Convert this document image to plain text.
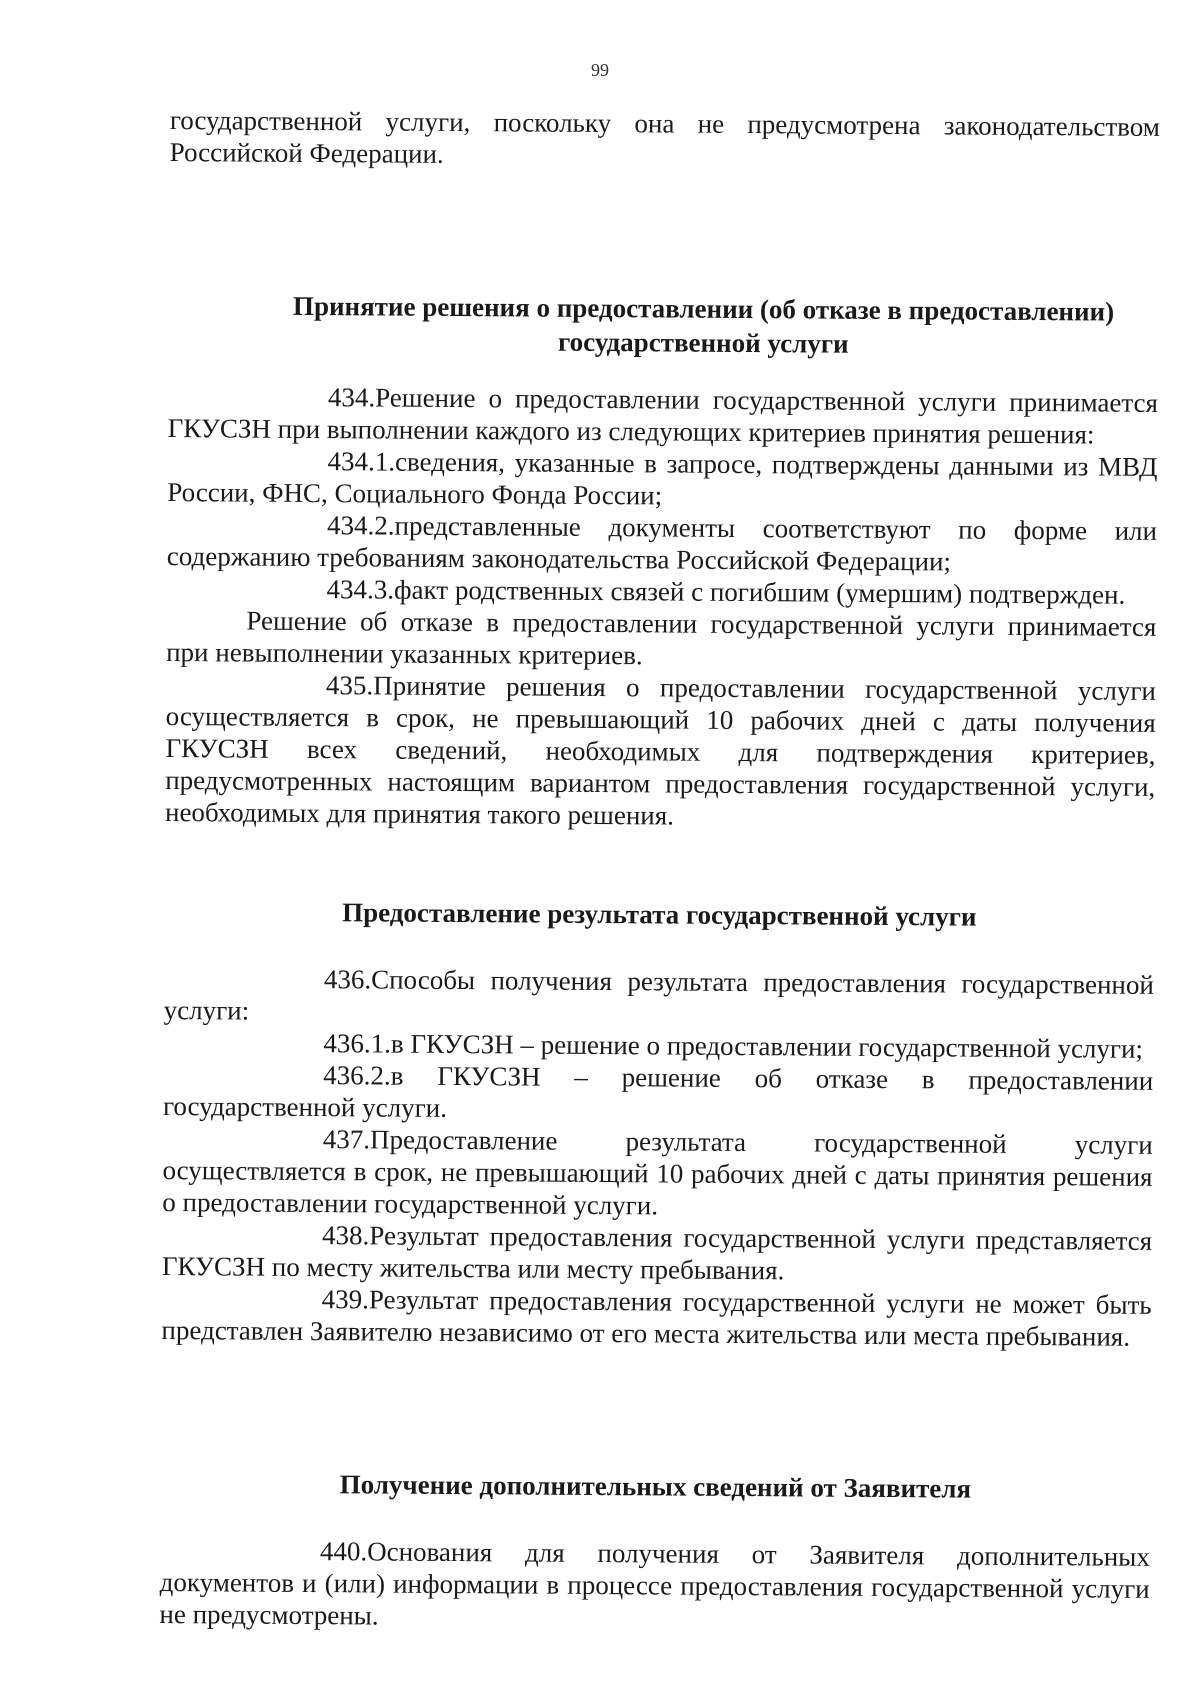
99

государственной услуги, поскольку она не предусмотрена законодательством Российской Федерации.

Принятие решения о предоставлении (об отказе в предоставлении) государственной услуги

434.Решение о предоставлении государственной услуги принимается ГКУСЗН при выполнении каждого из следующих критериев принятия решения:

434.1.сведения, указанные в запросе, подтверждены данными из МВД России, ФНС, Социального Фонда России;

434.2.представленные документы соответствуют по форме или содержанию требованиям законодательства Российской Федерации;

434.3.факт родственных связей с погибшим (умершим) подтвержден.

Решение об отказе в предоставлении государственной услуги принимается при невыполнении указанных критериев.

435.Принятие решения о предоставлении государственной услуги осуществляется в срок, не превышающий 10 рабочих дней с даты получения ГКУСЗН всех сведений, необходимых для подтверждения критериев, предусмотренных настоящим вариантом предоставления государственной услуги, необходимых для принятия такого решения.

Предоставление результата государственной услуги

436.Способы получения результата предоставления государственной услуги:

436.1.в ГКУСЗН – решение о предоставлении государственной услуги;

436.2.в ГКУСЗН – решение об отказе в предоставлении государственной услуги.

437.Предоставление результата государственной услуги осуществляется в срок, не превышающий 10 рабочих дней с даты принятия решения о предоставлении государственной услуги.

438.Результат предоставления государственной услуги представляется ГКУСЗН по месту жительства или месту пребывания.

439.Результат предоставления государственной услуги не может быть представлен Заявителю независимо от его места жительства или места пребывания.

Получение дополнительных сведений от Заявителя

440.Основания для получения от Заявителя дополнительных документов и (или) информации в процессе предоставления государственной услуги не предусмотрены.
